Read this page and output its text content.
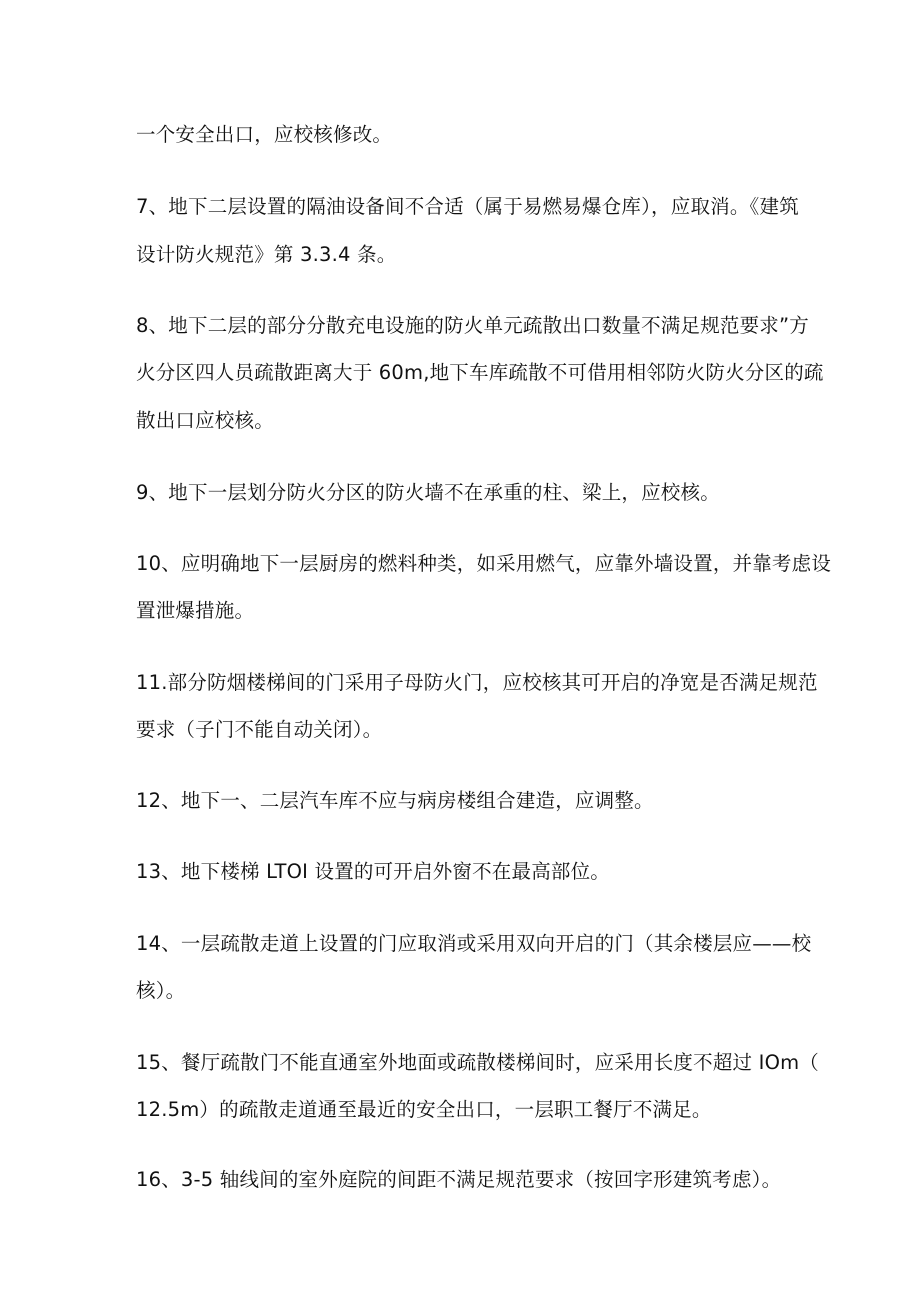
一个安全出口，应校核修改。
7、地下二层设置的隔油设备间不合适（属于易燃易爆仓库），应取消。《建筑
设计防火规范》第 3.3.4 条。
8、地下二层的部分分散充电设施的防火单元疏散出口数量不满足规范要求”方
火分区四人员疏散距离大于 60m,地下车库疏散不可借用相邻防火防火分区的疏
散出口应校核。
9、地下一层划分防火分区的防火墙不在承重的柱、梁上，应校核。
10、应明确地下一层厨房的燃料种类，如采用燃气，应靠外墙设置，并靠考虑设
置泄爆措施。
11.部分防烟楼梯间的门采用子母防火门，应校核其可开启的净宽是否满足规范
要求（子门不能自动关闭）。
12、地下一、二层汽车库不应与病房楼组合建造，应调整。
13、地下楼梯 LTOI 设置的可开启外窗不在最高部位。
14、一层疏散走道上设置的门应取消或采用双向开启的门（其余楼层应——校
核）。
15、餐厅疏散门不能直通室外地面或疏散楼梯间时，应采用长度不超过 IOm（
12.5m）的疏散走道通至最近的安全出口，一层职工餐厅不满足。
16、3-5 轴线间的室外庭院的间距不满足规范要求（按回字形建筑考虑）。
